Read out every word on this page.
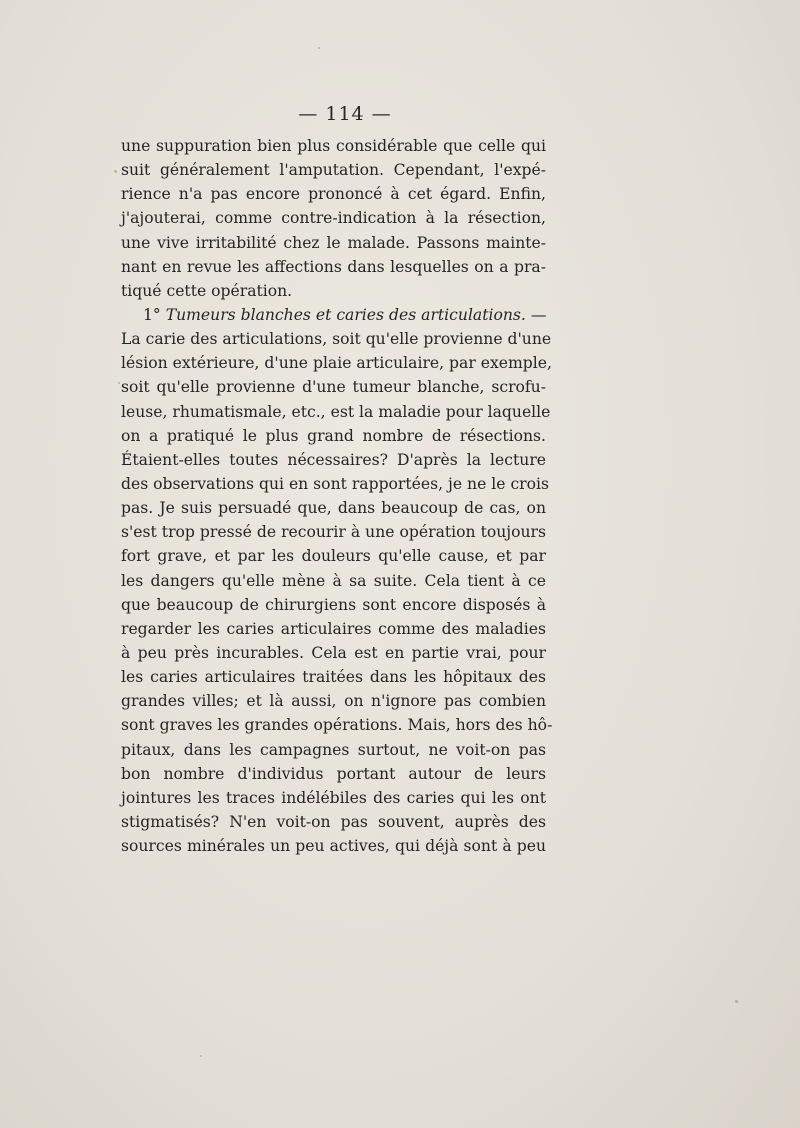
— 114 —
une suppuration bien plus considérable que celle qui
suit généralement l'amputation. Cependant, l'expé-
rience n'a pas encore prononcé à cet égard. Enfin,
j'ajouterai, comme contre-indication à la résection,
une vive irritabilité chez le malade. Passons mainte-
nant en revue les affections dans lesquelles on a pra-
tiqué cette opération.
1° Tumeurs blanches et caries des articulations. —
La carie des articulations, soit qu'elle provienne d'une
lésion extérieure, d'une plaie articulaire, par exemple,
soit qu'elle provienne d'une tumeur blanche, scrofu-
leuse, rhumatismale, etc., est la maladie pour laquelle
on a pratiqué le plus grand nombre de résections.
Étaient-elles toutes nécessaires? D'après la lecture
des observations qui en sont rapportées, je ne le crois
pas. Je suis persuadé que, dans beaucoup de cas, on
s'est trop pressé de recourir à une opération toujours
fort grave, et par les douleurs qu'elle cause, et par
les dangers qu'elle mène à sa suite. Cela tient à ce
que beaucoup de chirurgiens sont encore disposés à
regarder les caries articulaires comme des maladies
à peu près incurables. Cela est en partie vrai, pour
les caries articulaires traitées dans les hôpitaux des
grandes villes; et là aussi, on n'ignore pas combien
sont graves les grandes opérations. Mais, hors des hô-
pitaux, dans les campagnes surtout, ne voit-on pas
bon nombre d'individus portant autour de leurs
jointures les traces indélébiles des caries qui les ont
stigmatisés? N'en voit-on pas souvent, auprès des
sources minérales un peu actives, qui déjà sont à peu
